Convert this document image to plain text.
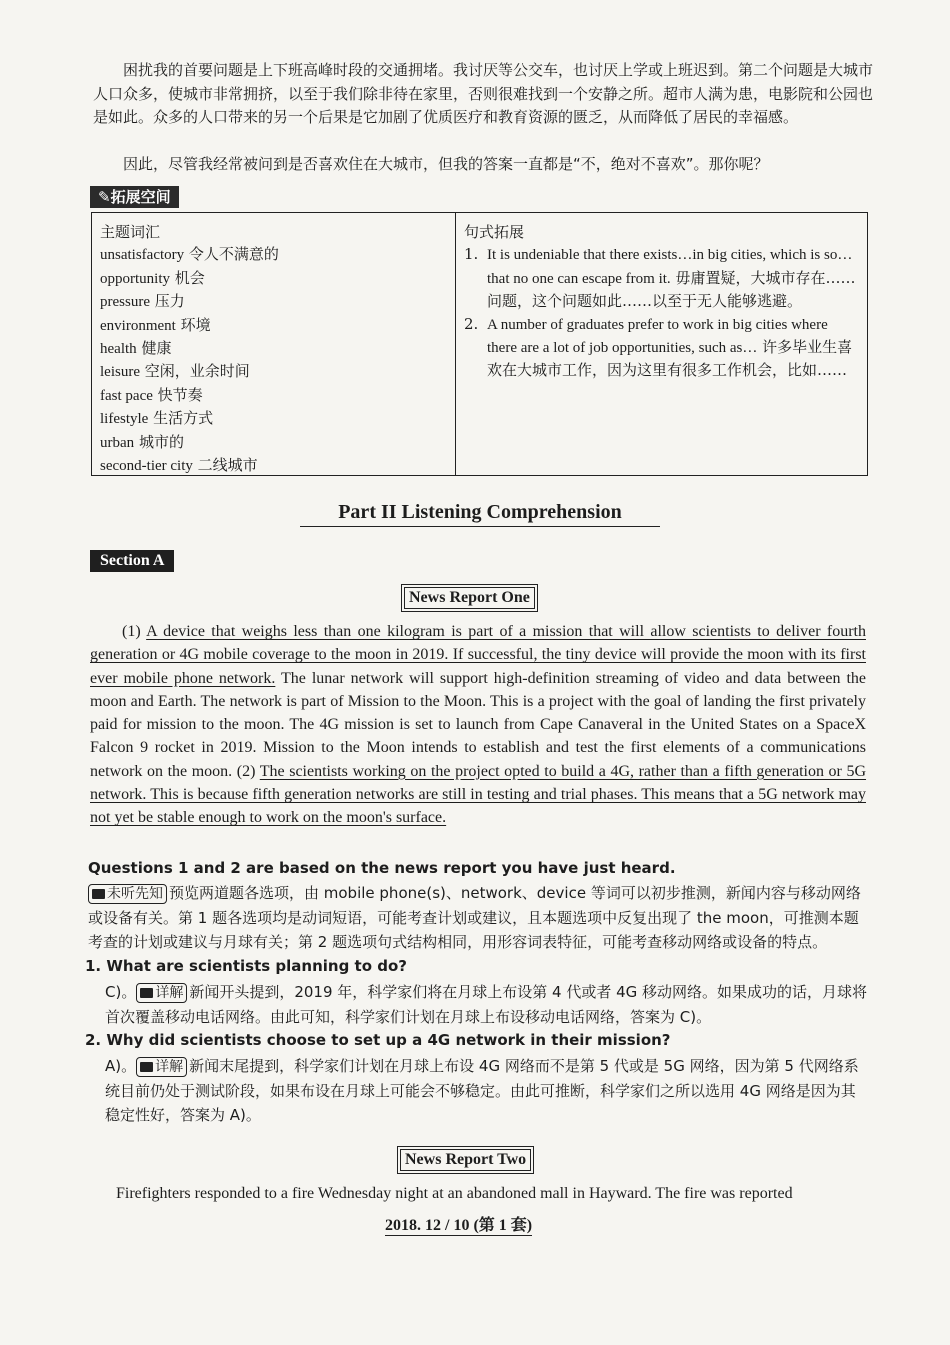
困扰我的首要问题是上下班高峰时段的交通拥堵。我讨厌等公交车，也讨厌上学或上班迟到。第二个问题是大城市人口众多，使城市非常拥挤，以至于我们除非待在家里，否则很难找到一个安静之所。超市人满为患，电影院和公园也是如此。众多的人口带来的另一个后果是它加剧了优质医疗和教育资源的匮乏，从而降低了居民的幸福感。

因此，尽管我经常被问到是否喜欢住在大城市，但我的答案一直都是“不，绝对不喜欢”。那你呢？

✎拓展空间
主题词汇
unsatisfactory 令人不满意的
opportunity 机会
pressure 压力
environment 环境
health 健康
leisure 空闲，业余时间
fast pace 快节奏
lifestyle 生活方式
urban 城市的
second-tier city 二线城市
句式拓展
1. It is undeniable that there exists…in big cities, which is so…that no one can escape from it. 毋庸置疑，大城市存在……问题，这个问题如此……以至于无人能够逃避。
2. A number of graduates prefer to work in big cities where there are a lot of job opportunities, such as… 许多毕业生喜欢在大城市工作，因为这里有很多工作机会，比如……
Part II Listening Comprehension
Section A
News Report One

(1) A device that weighs less than one kilogram is part of a mission that will allow scientists to deliver fourth generation or 4G mobile coverage to the moon in 2019. If successful, the tiny device will provide the moon with its first ever mobile phone network. The lunar network will support high-definition streaming of video and data between the moon and Earth. The network is part of Mission to the Moon. This is a project with the goal of landing the first privately paid for mission to the moon. The 4G mission is set to launch from Cape Canaveral in the United States on a SpaceX Falcon 9 rocket in 2019. Mission to the Moon intends to establish and test the first elements of a communications network on the moon. (2) The scientists working on the project opted to build a 4G, rather than a fifth generation or 5G network. This is because fifth generation networks are still in testing and trial phases. This means that a 5G network may not yet be stable enough to work on the moon's surface.

Questions 1 and 2 are based on the news report you have just heard.

未听先知 预览两道题各选项，由 mobile phone(s)、network、device 等词可以初步推测，新闻内容与移动网络或设备有关。第 1 题各选项均是动词短语，可能考查计划或建议，且本题选项中反复出现了 the moon，可推测本题考查的计划或建议与月球有关；第 2 题选项句式结构相同，用形容词表特征，可能考查移动网络或设备的特点。

1. What are scientists planning to do?

C)。 详解 新闻开头提到，2019 年，科学家们将在月球上布设第 4 代或者 4G 移动网络。如果成功的话，月球将首次覆盖移动电话网络。由此可知，科学家们计划在月球上布设移动电话网络，答案为 C)。

2. Why did scientists choose to set up a 4G network in their mission?

A)。 详解 新闻末尾提到，科学家们计划在月球上布设 4G 网络而不是第 5 代或是 5G 网络，因为第 5 代网络系统目前仍处于测试阶段，如果布设在月球上可能会不够稳定。由此可推断，科学家们之所以选用 4G 网络是因为其稳定性好，答案为 A)。

News Report Two

Firefighters responded to a fire Wednesday night at an abandoned mall in Hayward. The fire was reported

2018. 12 / 10 (第 1 套)
